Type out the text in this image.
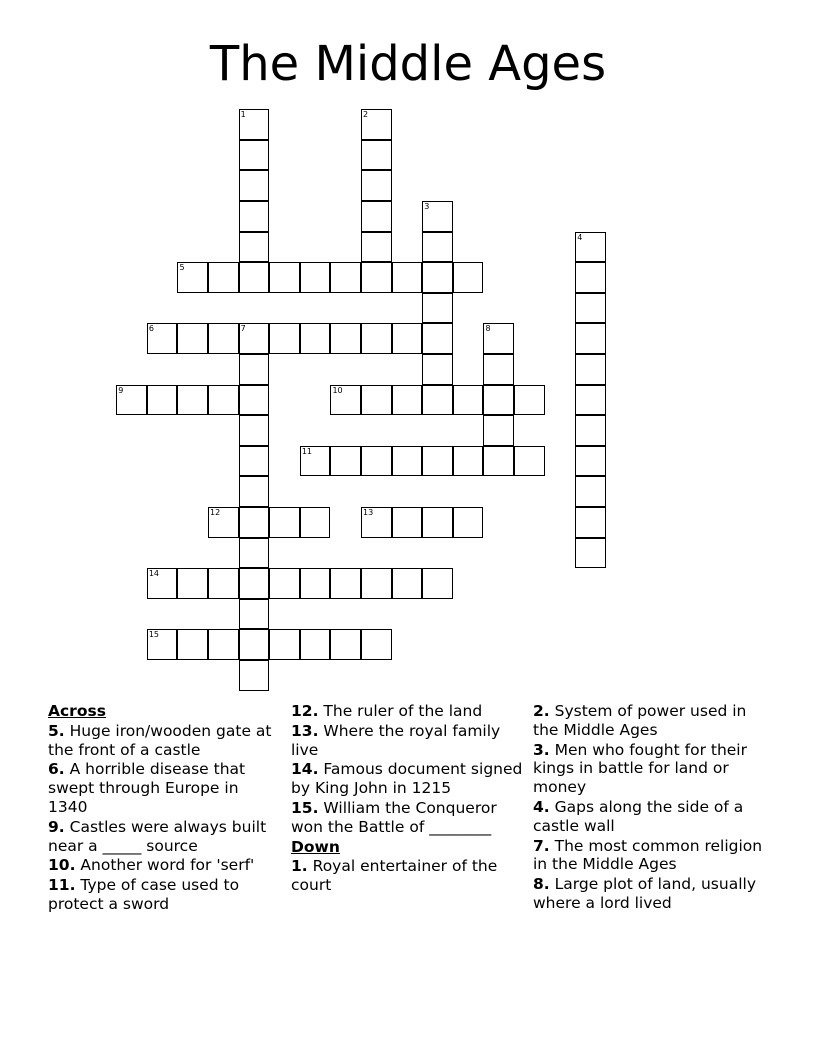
The Middle Ages
1	2
3
4
5
6	7	8
9	10
11
12	13
14
15
Across
5. Huge iron/wooden gate at the front of a castle
6. A horrible disease that swept through Europe in 1340
9. Castles were always built near a _____ source
10. Another word for 'serf'
11. Type of case used to protect a sword
12. The ruler of the land
13. Where the royal family live
14. Famous document signed by King John in 1215
15. William the Conqueror won the Battle of ________
Down
1. Royal entertainer of the court
2. System of power used in the Middle Ages
3. Men who fought for their kings in battle for land or money
4. Gaps along the side of a castle wall
7. The most common religion in the Middle Ages
8. Large plot of land, usually where a lord lived
